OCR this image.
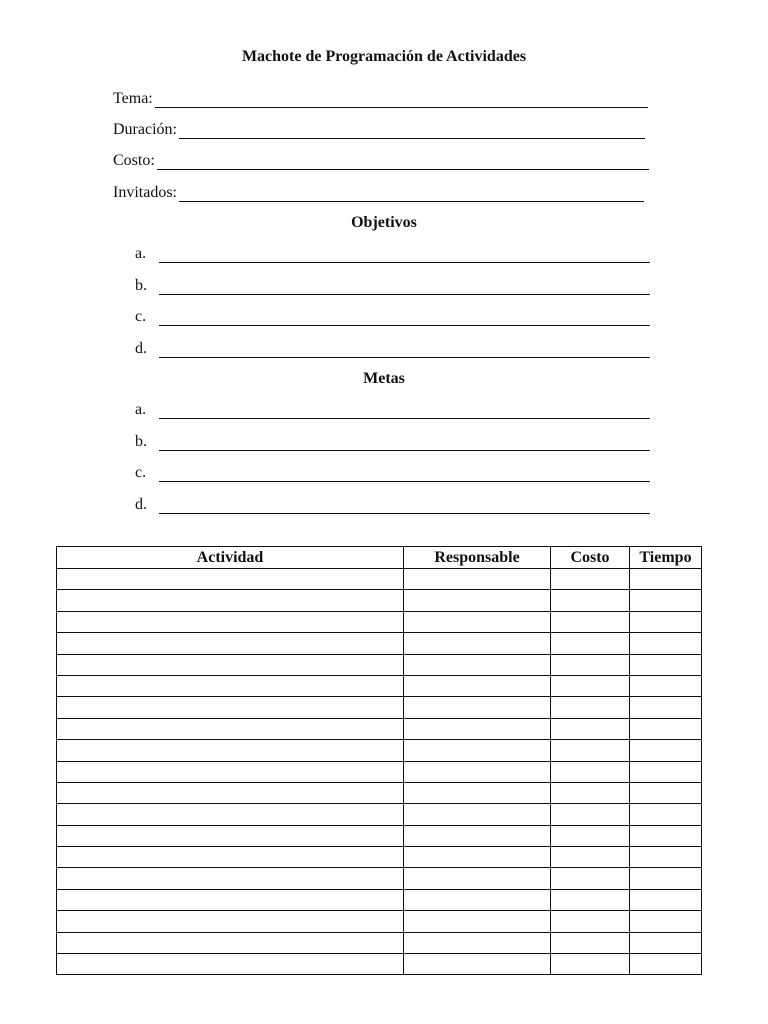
Machote de Programación de Actividades
Tema:
Duración:
Costo:
Invitados:
Objetivos
a.
b.
c.
d.
Metas
a.
b.
c.
d.
Actividad	Responsable	Costo	Tiempo
